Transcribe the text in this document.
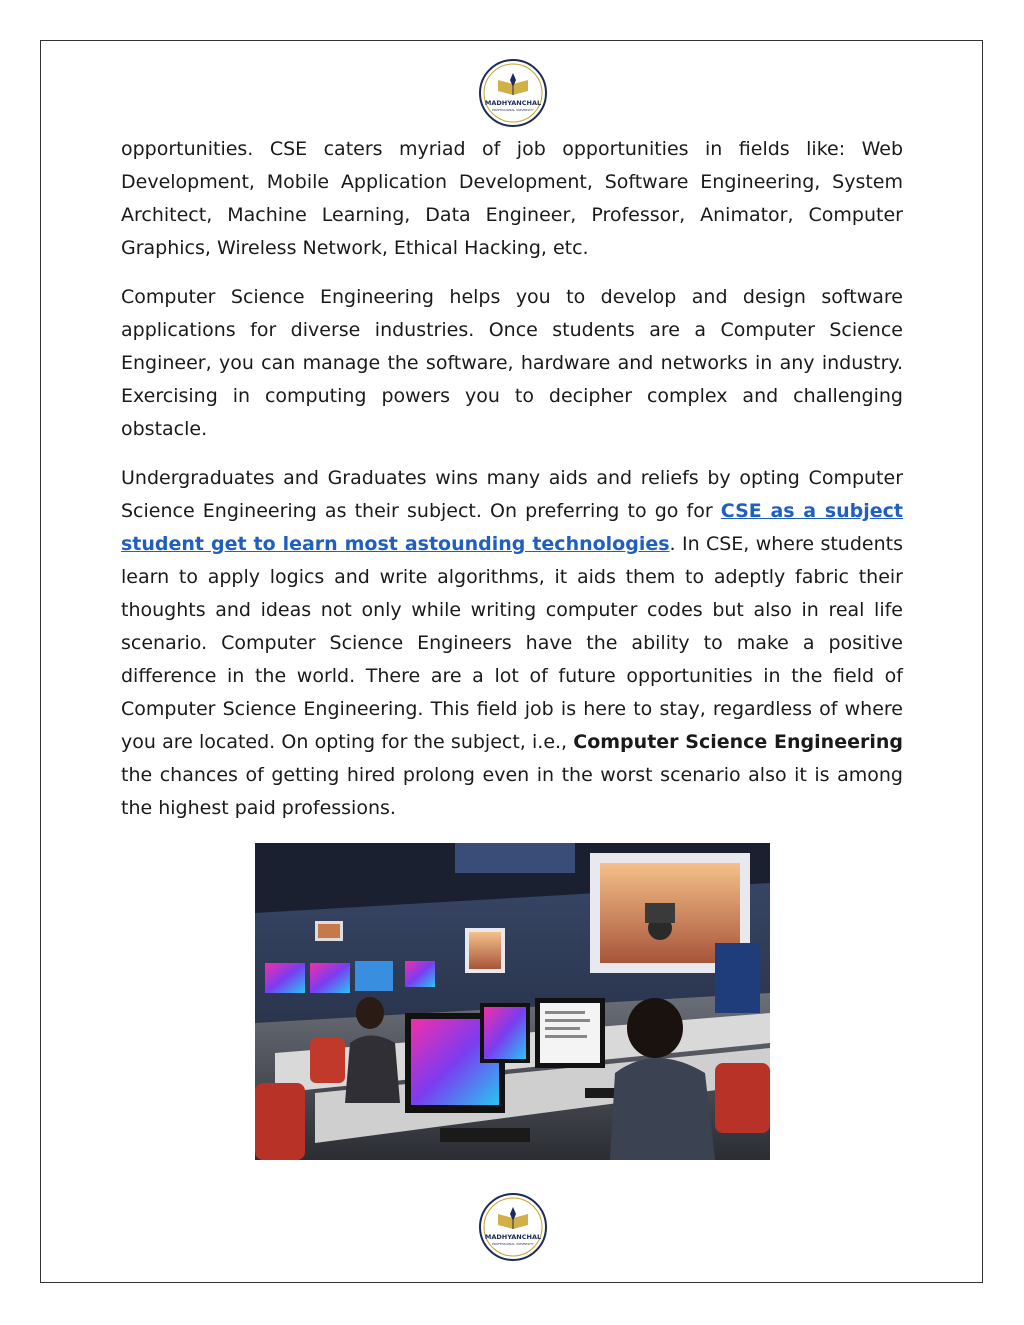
MADHYANCHAL
PROFESSIONAL UNIVERSITY

opportunities. CSE caters myriad of job opportunities in fields like: Web Development, Mobile Application Development, Software Engineering, System Architect, Machine Learning, Data Engineer, Professor, Animator, Computer Graphics, Wireless Network, Ethical Hacking, etc.

Computer Science Engineering helps you to develop and design software applications for diverse industries. Once students are a Computer Science Engineer, you can manage the software, hardware and networks in any industry. Exercising in computing powers you to decipher complex and challenging obstacle.

Undergraduates and Graduates wins many aids and reliefs by opting Computer Science Engineering as their subject. On preferring to go for CSE as a subject student get to learn most astounding technologies. In CSE, where students learn to apply logics and write algorithms, it aids them to adeptly fabric their thoughts and ideas not only while writing computer codes but also in real life scenario. Computer Science Engineers have the ability to make a positive difference in the world. There are a lot of future opportunities in the field of Computer Science Engineering. This field job is here to stay, regardless of where you are located. On opting for the subject, i.e., Computer Science Engineering the chances of getting hired prolong even in the worst scenario also it is among the highest paid professions.

MADHYANCHAL
PROFESSIONAL UNIVERSITY
